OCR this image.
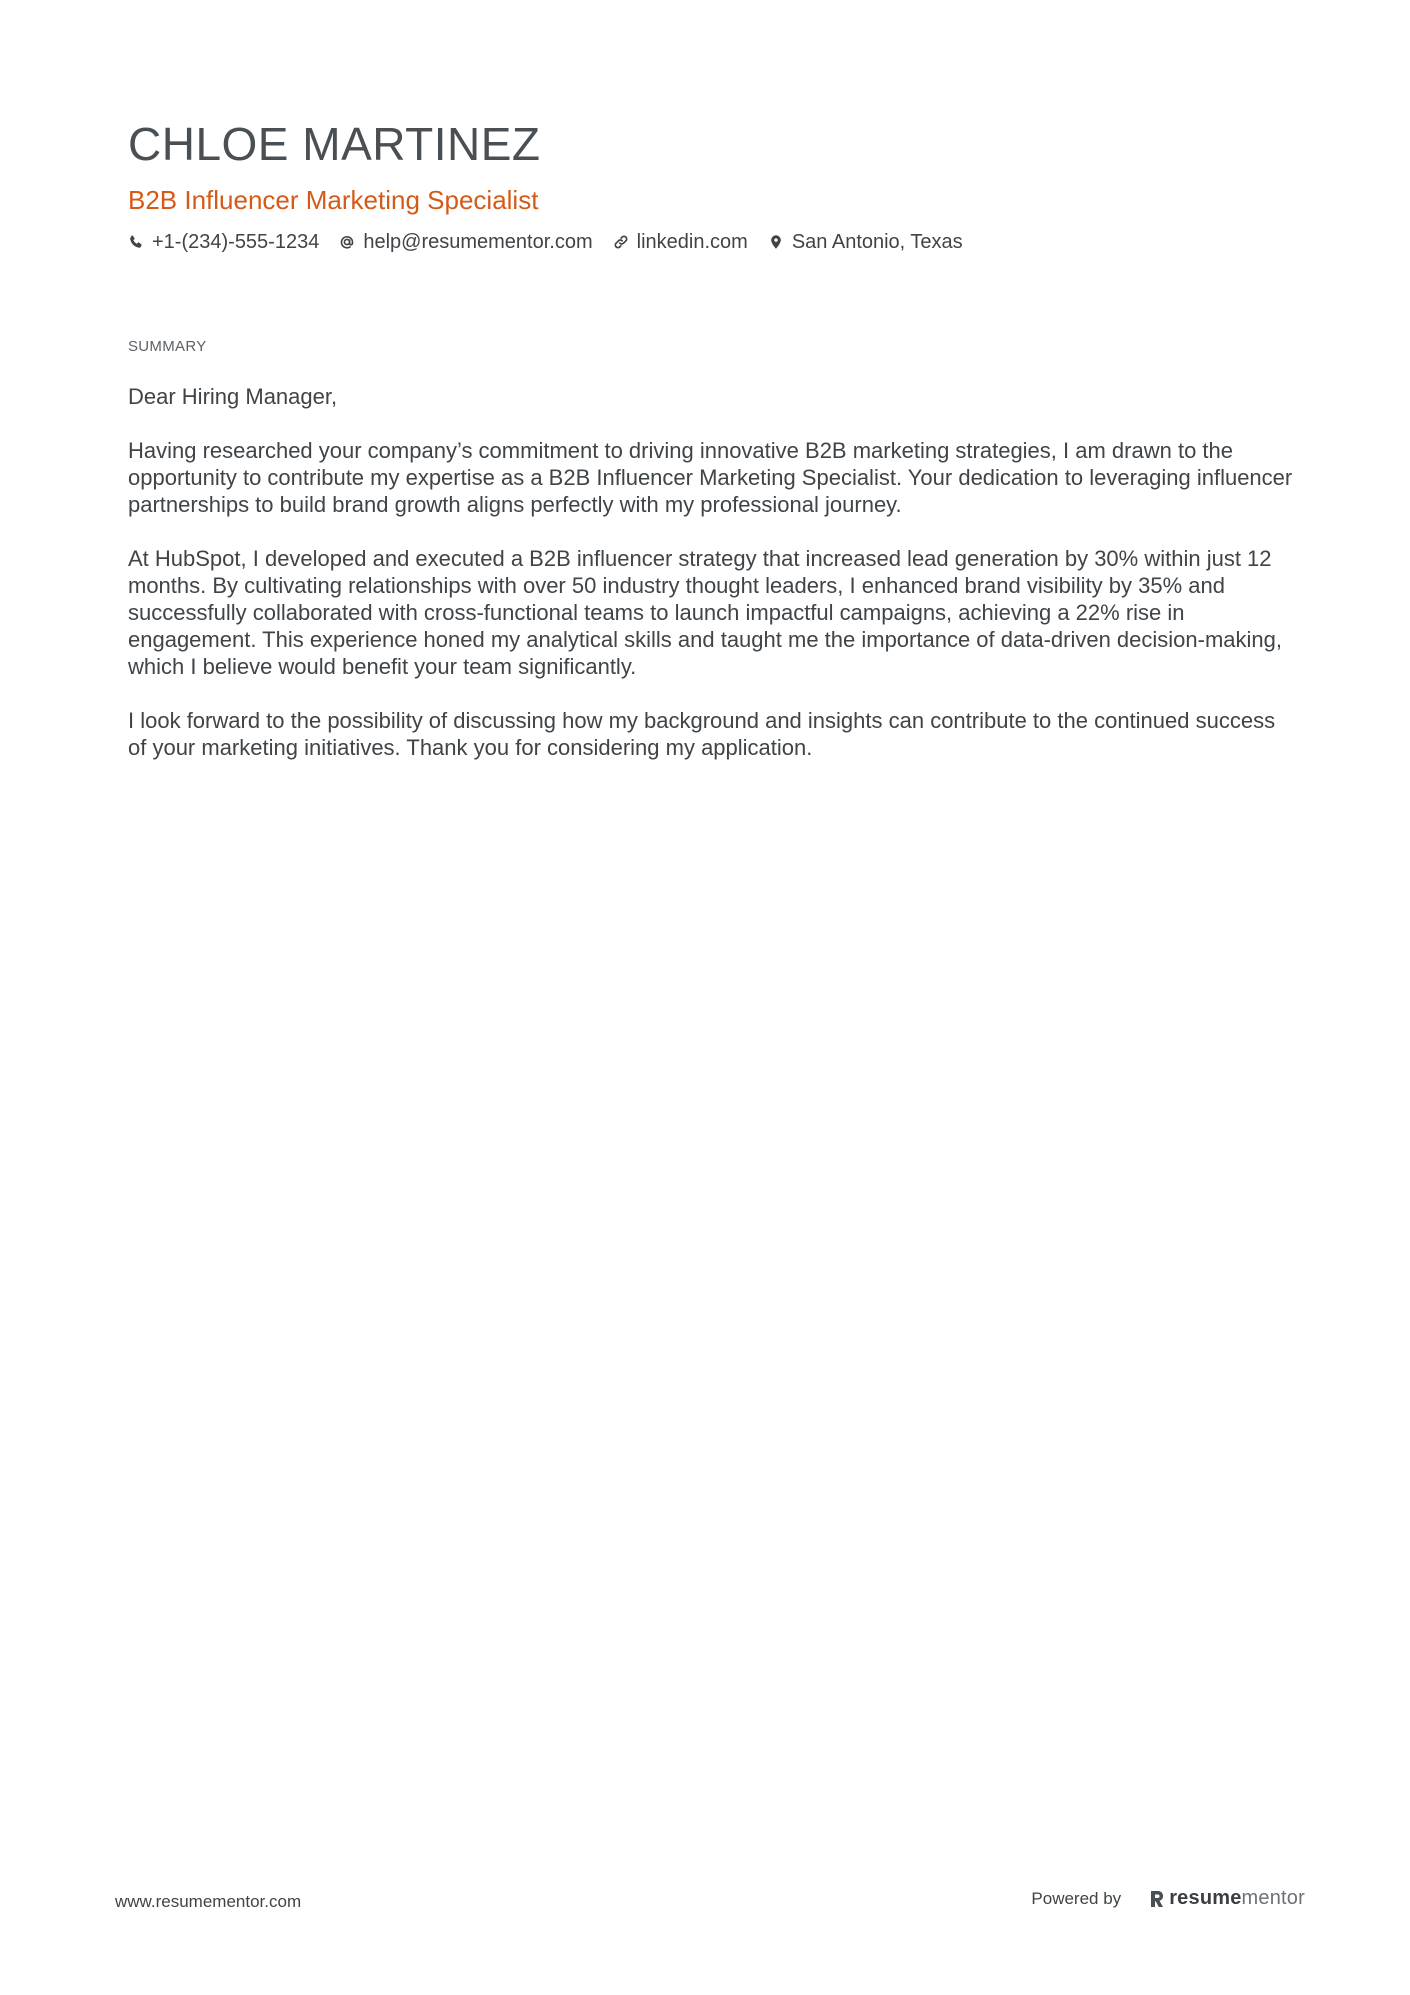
CHLOE MARTINEZ
B2B Influencer Marketing Specialist
+1-(234)-555-1234 help@resumementor.com linkedin.com San Antonio, Texas
SUMMARY

Dear Hiring Manager,

Having researched your company’s commitment to driving innovative B2B marketing strategies, I am drawn to the opportunity to contribute my expertise as a B2B Influencer Marketing Specialist. Your dedication to leveraging influencer partnerships to build brand growth aligns perfectly with my professional journey.

At HubSpot, I developed and executed a B2B influencer strategy that increased lead generation by 30% within just 12 months. By cultivating relationships with over 50 industry thought leaders, I enhanced brand visibility by 35% and successfully collaborated with cross-functional teams to launch impactful campaigns, achieving a 22% rise in engagement. This experience honed my analytical skills and taught me the importance of data-driven decision-making, which I believe would benefit your team significantly.

I look forward to the possibility of discussing how my background and insights can contribute to the continued success of your marketing initiatives. Thank you for considering my application.

www.resumementor.com	Powered by resume mentor
